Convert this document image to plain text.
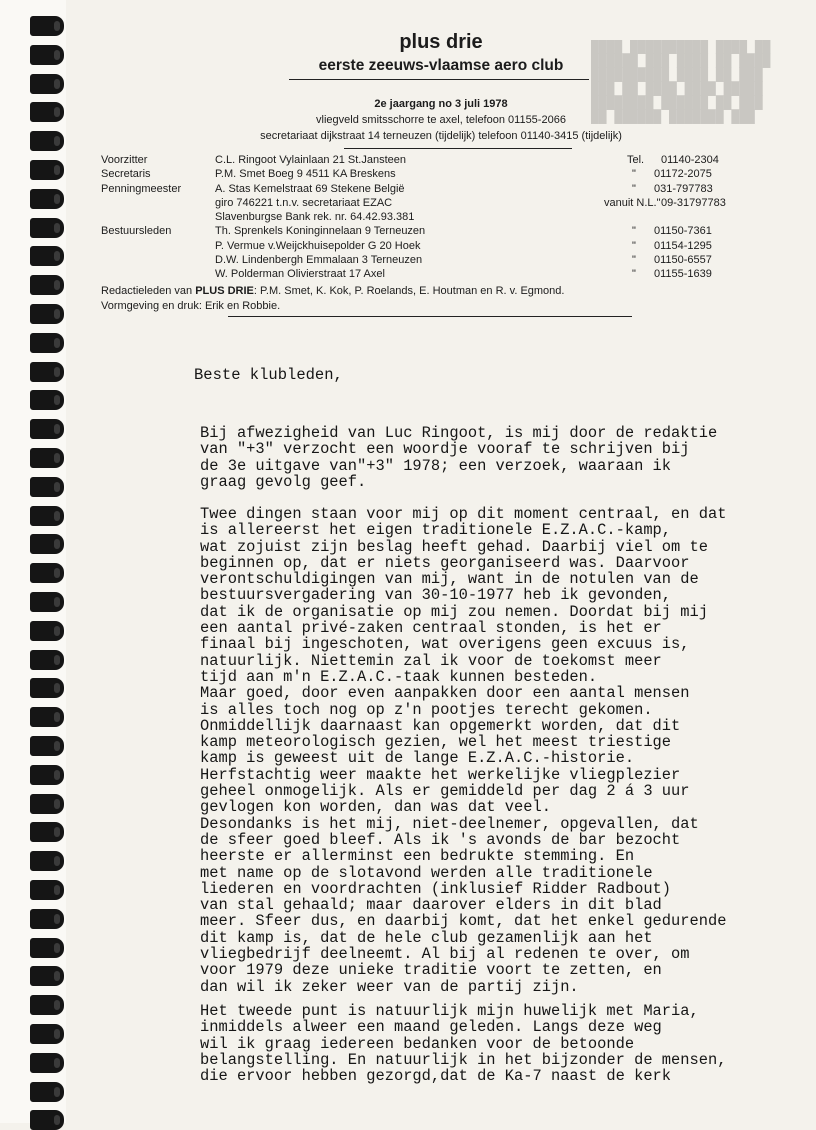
████ ██████████ ████ ██
██████ ███ ████ ██ ████
██████████ ████ ██ ███
███ ██ ████ ████ █████
████████ ██████ ██ ███
██ ██████ ███████ ███
plus drie
eerste zeeuws-vlaamse aero club
2e jaargang no 3 juli 1978
vliegveld smitsschorre te axel, telefoon 01155-2066
secretariaat dijkstraat 14 terneuzen (tijdelijk) telefoon 01140-3415 (tijdelijk)
Voorzitter	C.L. Ringoot Vylainlaan 21 St.Jansteen	Tel. 01140-2304
Secretaris	P.M. Smet Boeg 9 4511 KA Breskens	" 01172-2075
Penningmeester	A. Stas Kemelstraat 69 Stekene België	" 031-797783
giro 746221 t.n.v. secretariaat EZAC	vanuit N.L." 09-31797783
Slavenburgse Bank rek. nr. 64.42.93.381
Bestuursleden	Th. Sprenkels Koninginnelaan 9 Terneuzen	" 01150-7361
P. Vermue v.Weijckhuisepolder G 20 Hoek	" 01154-1295
D.W. Lindenbergh Emmalaan 3 Terneuzen	" 01150-6557
W. Polderman Olivierstraat 17 Axel	" 01155-1639
Redactieleden van PLUS DRIE: P.M. Smet, K. Kok, P. Roelands, E. Houtman en R. v. Egmond.
Vormgeving en druk: Erik en Robbie.
Beste klubleden,
Bij afwezigheid van Luc Ringoot, is mij door de redaktie
van "+3" verzocht een woordje vooraf te schrijven bij
de 3e uitgave van"+3" 1978; een verzoek, waaraan ik
graag gevolg geef.
Twee dingen staan voor mij op dit moment centraal, en dat
is allereerst het eigen traditionele E.Z.A.C.-kamp,
wat zojuist zijn beslag heeft gehad. Daarbij viel om te
beginnen op, dat er niets georganiseerd was. Daarvoor
verontschuldigingen van mij, want in de notulen van de
bestuursvergadering van 30-10-1977 heb ik gevonden,
dat ik de organisatie op mij zou nemen. Doordat bij mij
een aantal privé-zaken centraal stonden, is het er
finaal bij ingeschoten, wat overigens geen excuus is,
natuurlijk. Niettemin zal ik voor de toekomst meer
tijd aan m'n E.Z.A.C.-taak kunnen besteden.
Maar goed, door even aanpakken door een aantal mensen
is alles toch nog op z'n pootjes terecht gekomen.
Onmiddellijk daarnaast kan opgemerkt worden, dat dit
kamp meteorologisch gezien, wel het meest triestige
kamp is geweest uit de lange E.Z.A.C.-historie.
Herfstachtig weer maakte het werkelijke vliegplezier
geheel onmogelijk. Als er gemiddeld per dag 2 á 3 uur
gevlogen kon worden, dan was dat veel.
Desondanks is het mij, niet-deelnemer, opgevallen, dat
de sfeer goed bleef. Als ik 's avonds de bar bezocht
heerste er allerminst een bedrukte stemming. En
met name op de slotavond werden alle traditionele
liederen en voordrachten (inklusief Ridder Radbout)
van stal gehaald; maar daarover elders in dit blad
meer. Sfeer dus, en daarbij komt, dat het enkel gedurende
dit kamp is, dat de hele club gezamenlijk aan het
vliegbedrijf deelneemt. Al bij al redenen te over, om
voor 1979 deze unieke traditie voort te zetten, en
dan wil ik zeker weer van de partij zijn.
Het tweede punt is natuurlijk mijn huwelijk met Maria,
inmiddels alweer een maand geleden. Langs deze weg
wil ik graag iedereen bedanken voor de betoonde
belangstelling. En natuurlijk in het bijzonder de mensen,
die ervoor hebben gezorgd,dat de Ka-7 naast de kerk
